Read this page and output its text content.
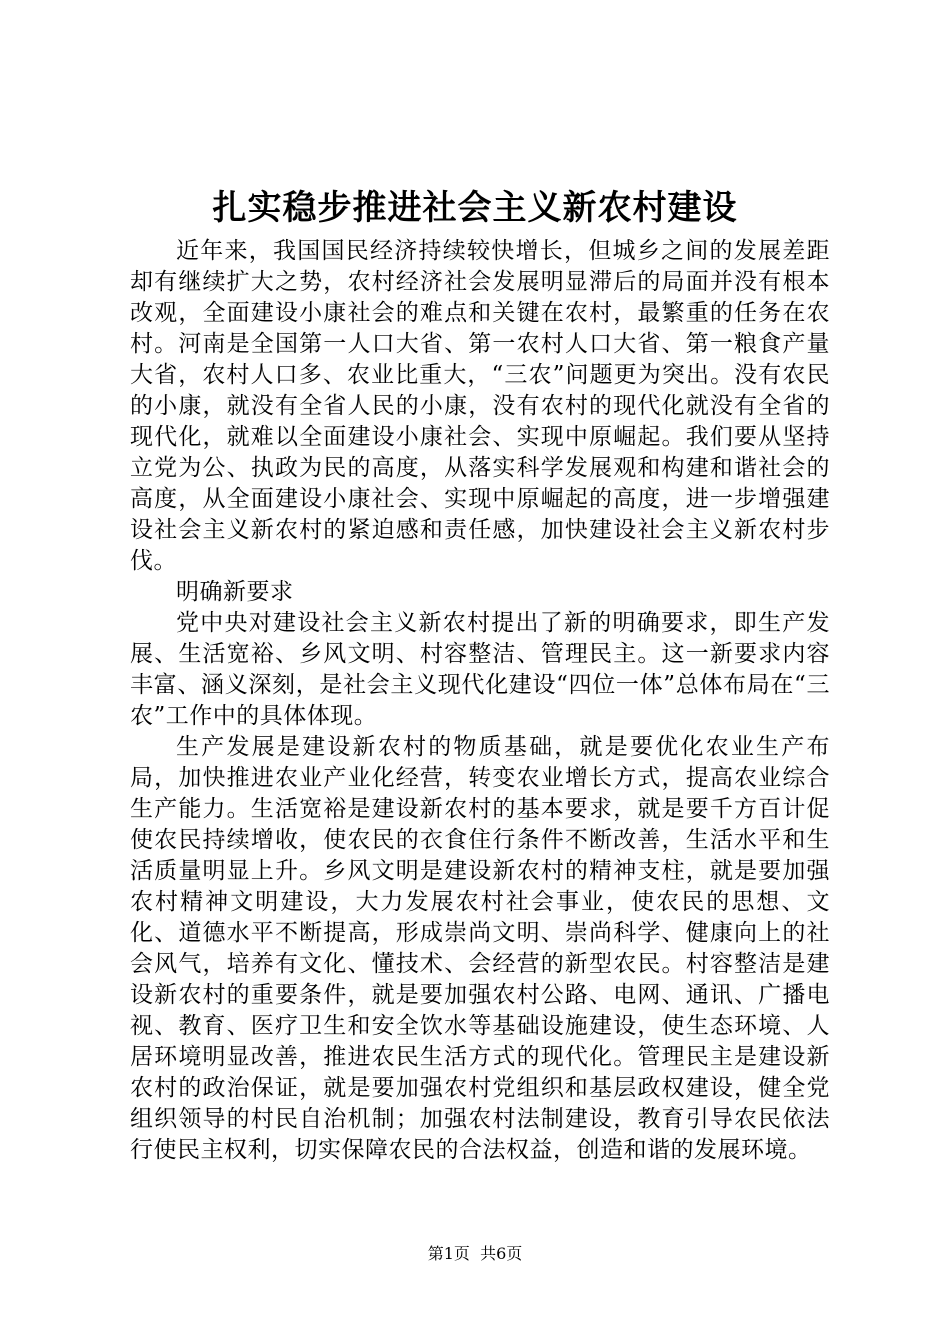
扎实稳步推进社会主义新农村建设

近年来，我国国民经济持续较快增长，但城乡之间的发展差距却有继续扩大之势，农村经济社会发展明显滞后的局面并没有根本改观，全面建设小康社会的难点和关键在农村，最繁重的任务在农村。河南是全国第一人口大省、第一农村人口大省、第一粮食产量大省，农村人口多、农业比重大，“三农”问题更为突出。没有农民的小康，就没有全省人民的小康，没有农村的现代化就没有全省的现代化，就难以全面建设小康社会、实现中原崛起。我们要从坚持立党为公、执政为民的高度，从落实科学发展观和构建和谐社会的高度，从全面建设小康社会、实现中原崛起的高度，进一步增强建设社会主义新农村的紧迫感和责任感，加快建设社会主义新农村步伐。

明确新要求

党中央对建设社会主义新农村提出了新的明确要求，即生产发展、生活宽裕、乡风文明、村容整洁、管理民主。这一新要求内容丰富、涵义深刻，是社会主义现代化建设“四位一体”总体布局在“三农”工作中的具体体现。

生产发展是建设新农村的物质基础，就是要优化农业生产布局，加快推进农业产业化经营，转变农业增长方式，提高农业综合生产能力。生活宽裕是建设新农村的基本要求，就是要千方百计促使农民持续增收，使农民的衣食住行条件不断改善，生活水平和生活质量明显上升。乡风文明是建设新农村的精神支柱，就是要加强农村精神文明建设，大力发展农村社会事业，使农民的思想、文化、道德水平不断提高，形成崇尚文明、崇尚科学、健康向上的社会风气，培养有文化、懂技术、会经营的新型农民。村容整洁是建设新农村的重要条件，就是要加强农村公路、电网、通讯、广播电视、教育、医疗卫生和安全饮水等基础设施建设，使生态环境、人居环境明显改善，推进农民生活方式的现代化。管理民主是建设新农村的政治保证，就是要加强农村党组织和基层政权建设，健全党组织领导的村民自治机制；加强农村法制建设，教育引导农民依法行使民主权利，切实保障农民的合法权益，创造和谐的发展环境。

第1页 共6页
